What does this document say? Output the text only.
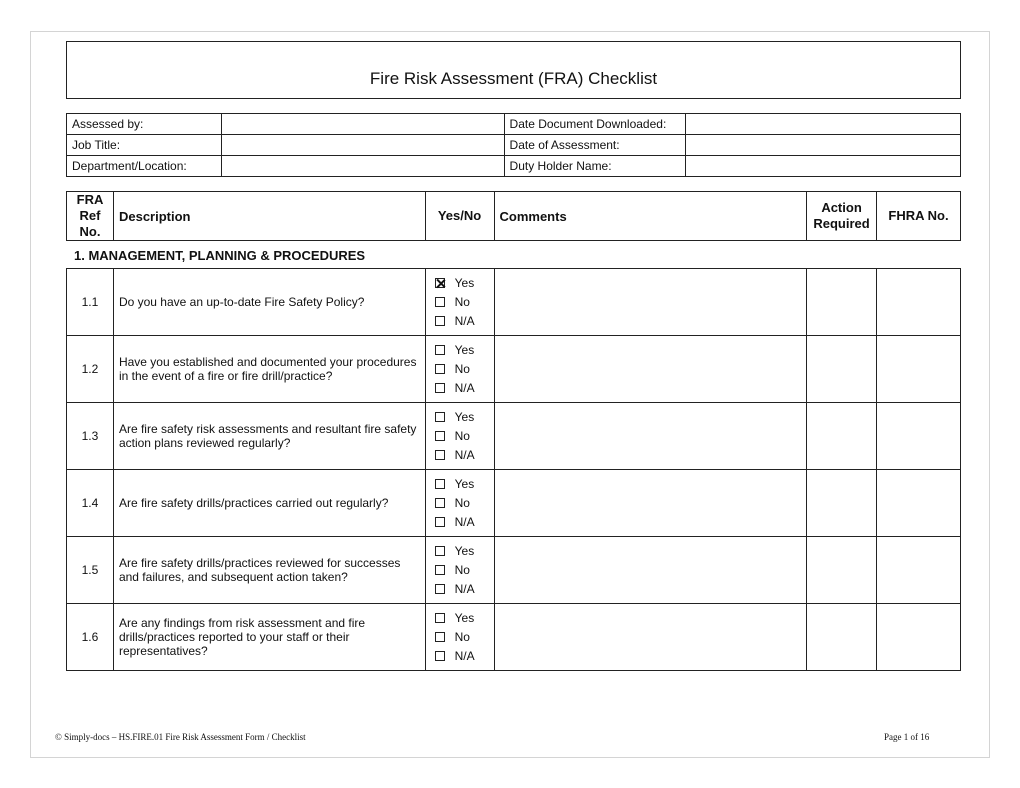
Fire Risk Assessment (FRA) Checklist
Assessed by:		Date Document Downloaded:	
Job Title:		Date of Assessment:	
Department/Location:		Duty Holder Name:	
FRA Ref No.	Description	Yes/No	Comments	Action Required	FHRA No.
1. MANAGEMENT, PLANNING & PROCEDURES
1.1	Do you have an up-to-date Fire Safety Policy?	Yes
No
N/A			

1.2	Have you established and documented your procedures in the event of a fire or fire drill/practice?	Yes
No
N/A			

1.3	Are fire safety risk assessments and resultant fire safety action plans reviewed regularly?	Yes
No
N/A			

1.4	Are fire safety drills/practices carried out regularly?	Yes
No
N/A			

1.5	Are fire safety drills/practices reviewed for successes and failures, and subsequent action taken?	Yes
No
N/A			

1.6	Are any findings from risk assessment and fire drills/practices reported to your staff or their representatives?	Yes
No
N/A			

© Simply-docs – HS.FIRE.01 Fire Risk Assessment Form / Checklist	Page 1 of 16
